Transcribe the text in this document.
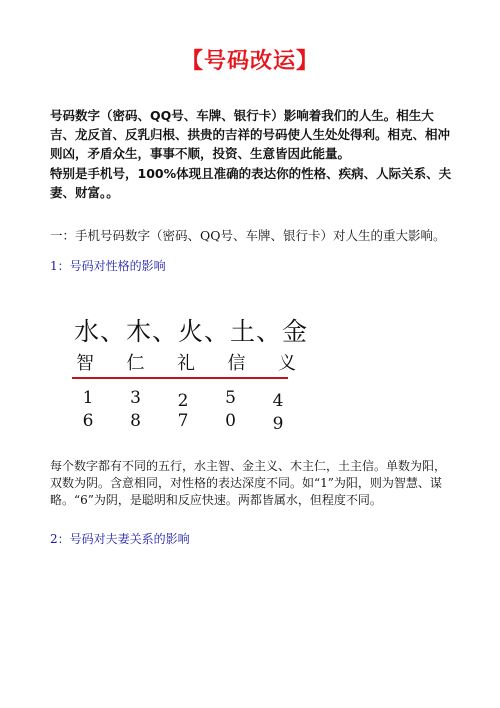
【号码改运】
号码数字（密码、QQ号、车牌、银行卡）影响着我们的人生。相生大吉、龙反首、反乳归根、拱贵的吉祥的号码使人生处处得利。相克、相冲则凶，矛盾众生，事事不顺，投资、生意皆因此能量。
特别是手机号，100%体现且准确的表达你的性格、疾病、人际关系、夫妻、财富。。
一：手机号码数字（密码、QQ号、车牌、银行卡）对人生的重大影响。
1：号码对性格的影响
水、木、火、土、金
智 仁 礼 信 义
1 3 2 5 4
6 8 7 0 9
每个数字都有不同的五行，水主智、金主义、木主仁，土主信。单数为阳，双数为阴。含意相同，对性格的表达深度不同。如“1”为阳，则为智慧、谋略。“6”为阴，是聪明和反应快速。两都皆属水，但程度不同。
2：号码对夫妻关系的影响
